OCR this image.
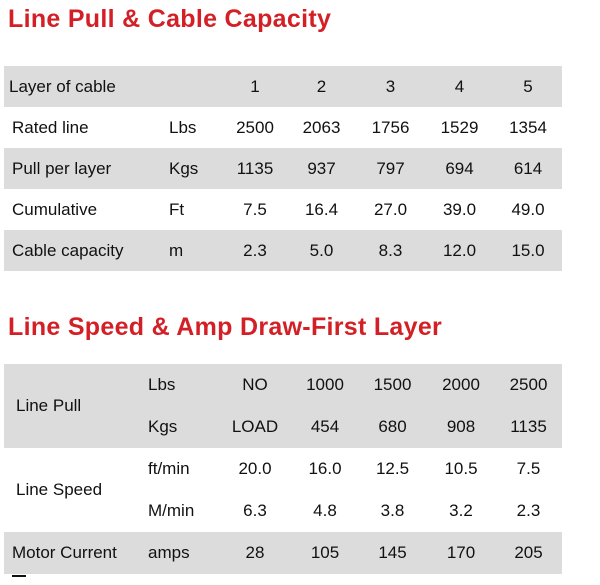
Line Pull & Cable Capacity
Layer of cable		1	2	3	4	5
Rated line	Lbs	2500	2063	1756	1529	1354
Pull per layer	Kgs	1135	937	797	694	614
Cumulative	Ft	7.5	16.4	27.0	39.0	49.0
Cable capacity	m	2.3	5.0	8.3	12.0	15.0
Line Speed & Amp Draw-First Layer
Line Pull	Lbs	NO	1000	1500	2000	2500
	Kgs	LOAD	454	680	908	1135
Line Speed	ft/min	20.0	16.0	12.5	10.5	7.5
	M/min	6.3	4.8	3.8	3.2	2.3
Motor Current	amps	28	105	145	170	205
